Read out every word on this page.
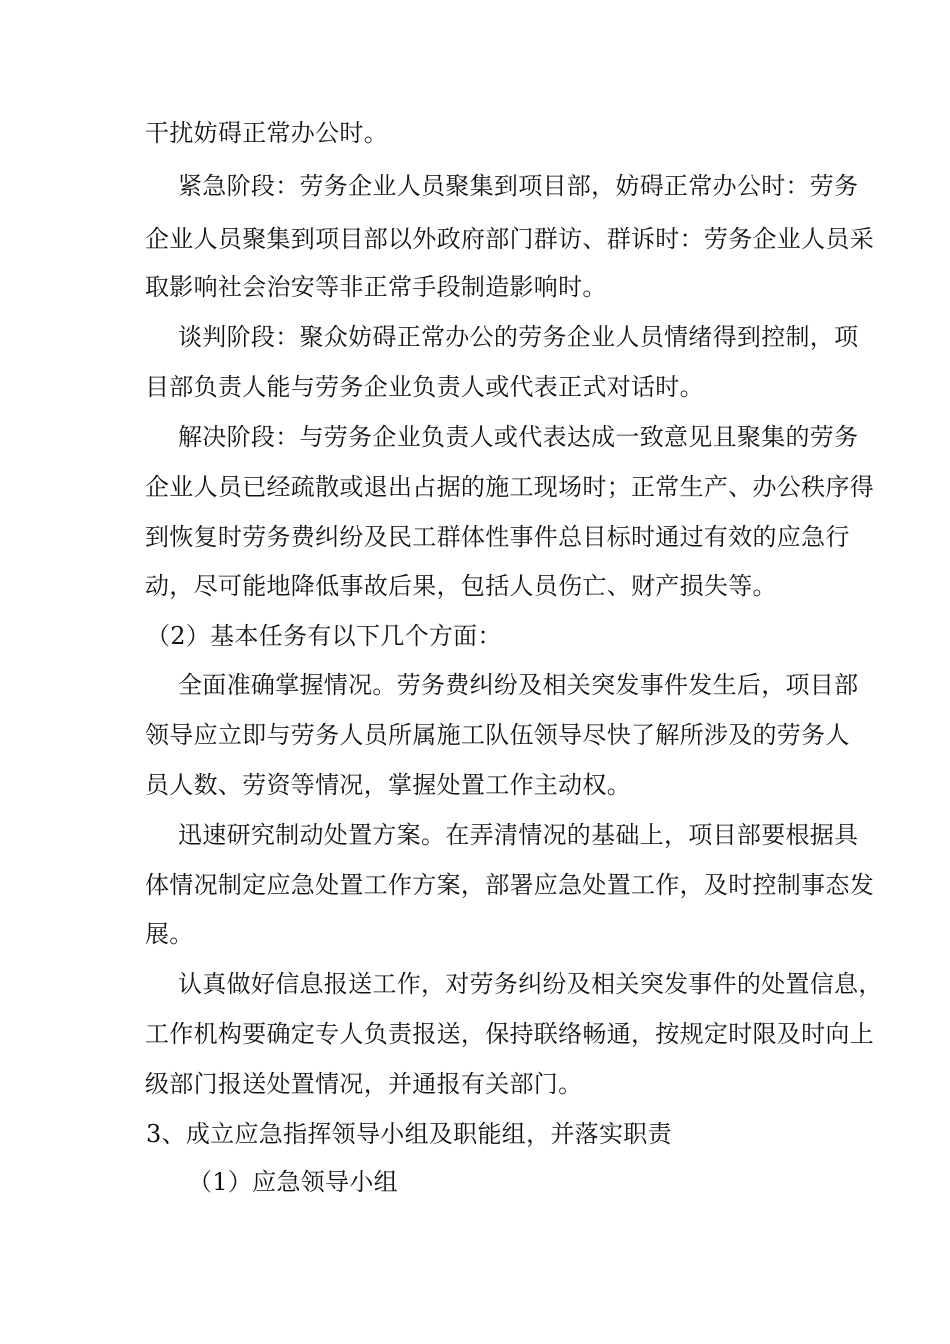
干扰妨碍正常办公时。
紧急阶段：劳务企业人员聚集到项目部，妨碍正常办公时：劳务
企业人员聚集到项目部以外政府部门群访、群诉时：劳务企业人员采
取影响社会治安等非正常手段制造影响时。
谈判阶段：聚众妨碍正常办公的劳务企业人员情绪得到控制，项
目部负责人能与劳务企业负责人或代表正式对话时。
解决阶段：与劳务企业负责人或代表达成一致意见且聚集的劳务
企业人员已经疏散或退出占据的施工现场时；正常生产、办公秩序得
到恢复时劳务费纠纷及民工群体性事件总目标时通过有效的应急行
动，尽可能地降低事故后果，包括人员伤亡、财产损失等。
（2）基本任务有以下几个方面：
全面准确掌握情况。劳务费纠纷及相关突发事件发生后，项目部
领导应立即与劳务人员所属施工队伍领导尽快了解所涉及的劳务人
员人数、劳资等情况，掌握处置工作主动权。
迅速研究制动处置方案。在弄清情况的基础上，项目部要根据具
体情况制定应急处置工作方案，部署应急处置工作，及时控制事态发
展。
认真做好信息报送工作，对劳务纠纷及相关突发事件的处置信息，
工作机构要确定专人负责报送，保持联络畅通，按规定时限及时向上
级部门报送处置情况，并通报有关部门。
3、成立应急指挥领导小组及职能组，并落实职责
（1）应急领导小组
